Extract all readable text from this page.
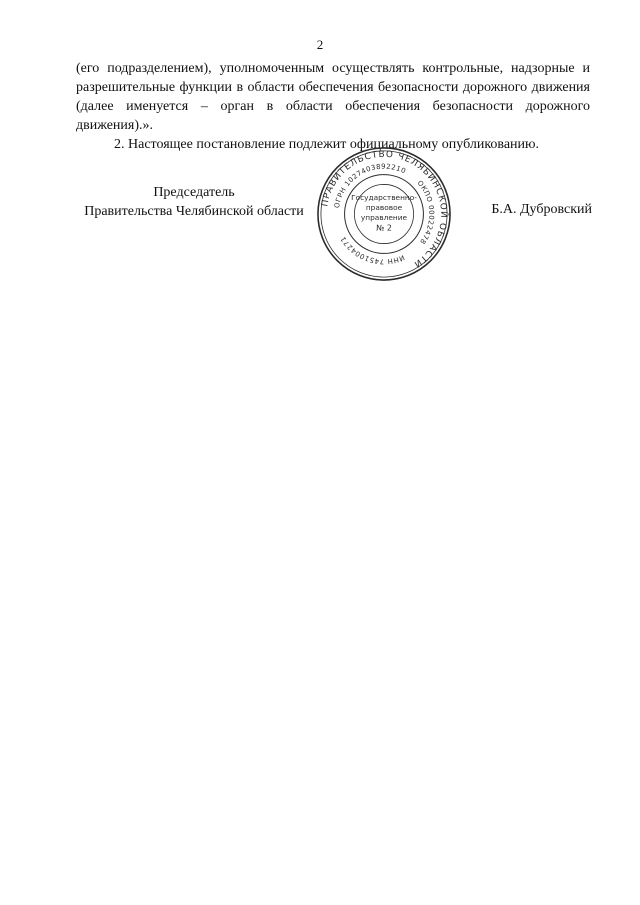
2

(его подразделением), уполномоченным осуществлять контрольные, надзорные и разрешительные функции в области обеспечения безопасности дорожного движения (далее именуется – орган в области обеспечения безопасности дорожного движения).».

2. Настоящее постановление подлежит официальному опубликованию.

Председатель
Правительства Челябинской области	Б.А. Дубровский
ПРАВИТЕЛЬСТВО ЧЕЛЯБИНСКОЙ ОБЛАСТИ
ОГРН 1027403892210
ОКПО 00022478
ИНН 7451004271
Государственно-
правовое
управление
№ 2
